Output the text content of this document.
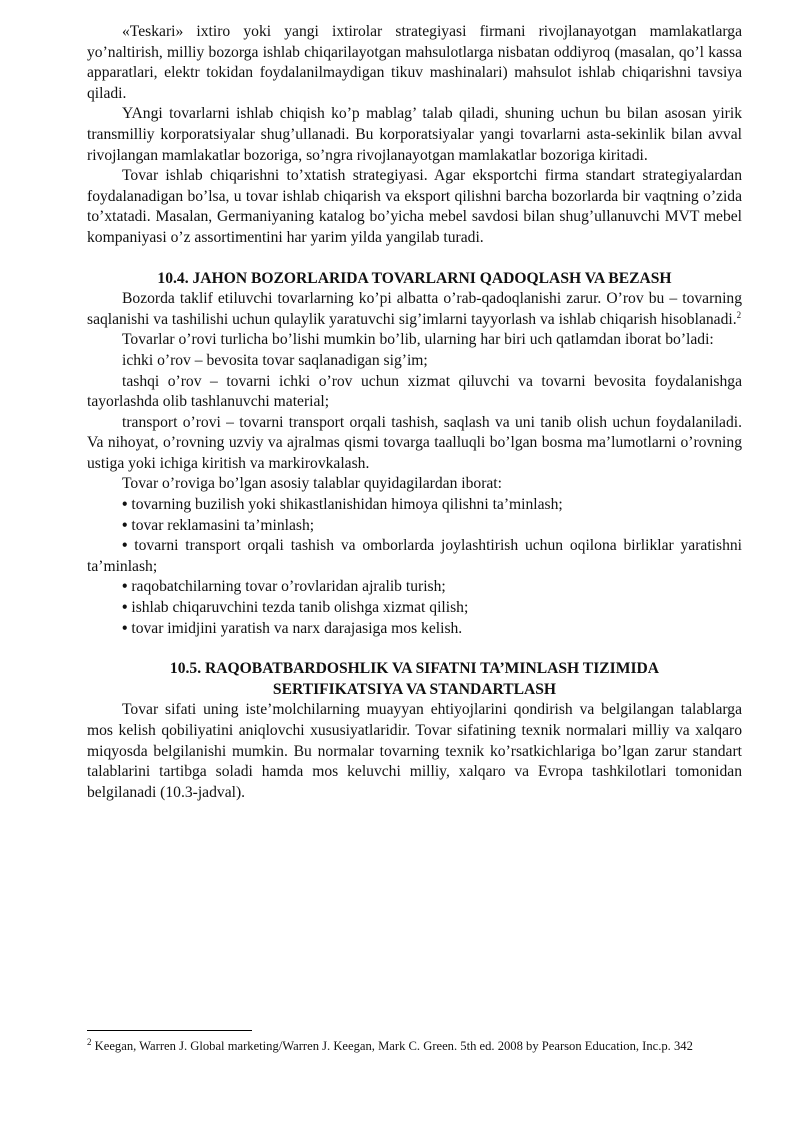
«Teskari» ixtiro yoki yangi ixtirolar strategiyasi firmani rivojlanayotgan mamlakatlarga yo’naltirish, milliy bozorga ishlab chiqarilayotgan mahsulotlarga nisbatan oddiyroq (masalan, qo’l kassa apparatlari, elektr tokidan foydalanilmaydigan tikuv mashinalari) mahsulot ishlab chiqarishni tavsiya qiladi.

YAngi tovarlarni ishlab chiqish ko’p mablag’ talab qiladi, shuning uchun bu bilan asosan yirik transmilliy korporatsiyalar shug’ullanadi. Bu korporatsiyalar yangi tovarlarni asta-sekinlik bilan avval rivojlangan mamlakatlar bozoriga, so’ngra rivojlanayotgan mamlakatlar bozoriga kiritadi.

Tovar ishlab chiqarishni to’xtatish strategiyasi. Agar eksportchi firma standart strategiyalardan foydalanadigan bo’lsa, u tovar ishlab chiqarish va eksport qilishni barcha bozorlarda bir vaqtning o’zida to’xtatadi. Masalan, Germaniyaning katalog bo’yicha mebel savdosi bilan shug’ullanuvchi MVT mebel kompaniyasi o’z assortimentini har yarim yilda yangilab turadi.

10.4. JAHON BOZORLARIDA TOVARLARNI QADOQLASH VA BEZASH

Bozorda taklif etiluvchi tovarlarning ko’pi albatta o’rab-qadoqlanishi zarur. O’rov bu – tovarning saqlanishi va tashilishi uchun qulaylik yaratuvchi sig’imlarni tayyorlash va ishlab chiqarish hisoblanadi.$^2$

Tovarlar o’rovi turlicha bo’lishi mumkin bo’lib, ularning har biri uch qatlamdan iborat bo’ladi:

ichki o’rov – bevosita tovar saqlanadigan sig’im;

tashqi o’rov – tovarni ichki o’rov uchun xizmat qiluvchi va tovarni bevosita foydalanishga tayorlashda olib tashlanuvchi material;

transport o’rovi – tovarni transport orqali tashish, saqlash va uni tanib olish uchun foydalaniladi. Va nihoyat, o’rovning uzviy va ajralmas qismi tovarga taalluqli bo’lgan bosma ma’lumotlarni o’rovning ustiga yoki ichiga kiritish va markirovkalash.

Tovar o’roviga bo’lgan asosiy talablar quyidagilardan iborat:

• tovarning buzilish yoki shikastlanishidan himoya qilishni ta’minlash;

• tovar reklamasini ta’minlash;

• tovarni transport orqali tashish va omborlarda joylashtirish uchun oqilona birliklar yaratishni ta’minlash;

• raqobatchilarning tovar o’rovlaridan ajralib turish;

• ishlab chiqaruvchini tezda tanib olishga xizmat qilish;

• tovar imidjini yaratish va narx darajasiga mos kelish.

10.5. RAQOBATBARDOSHLIK VA SIFATNI TA’MINLASH TIZIMIDA
SERTIFIKATSIYA VA STANDARTLASH

Tovar sifati uning iste’molchilarning muayyan ehtiyojlarini qondirish va belgilangan talablarga mos kelish qobiliyatini aniqlovchi xususiyatlaridir. Tovar sifatining texnik normalari milliy va xalqaro miqyosda belgilanishi mumkin. Bu normalar tovarning texnik ko’rsatkichlariga bo’lgan zarur standart talablarini tartibga soladi hamda mos keluvchi milliy, xalqaro va Evropa tashkilotlari tomonidan belgilanadi (10.3-jadval).

$^2$ Keegan, Warren J. Global marketing/Warren J. Keegan, Mark C. Green. 5th ed. 2008 by Pearson Education, Inc.p. 342
